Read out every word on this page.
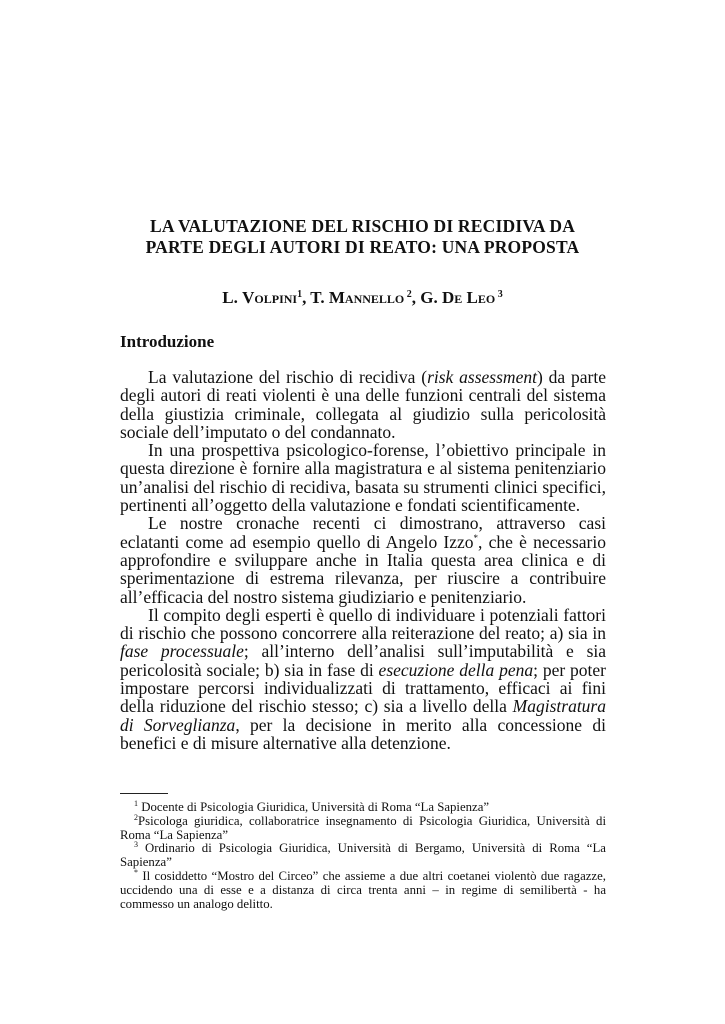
LA VALUTAZIONE DEL RISCHIO DI RECIDIVA DA
PARTE DEGLI AUTORI DI REATO: UNA PROPOSTA

L. Volpini$^1$, T. Mannello $^2$, G. De Leo $^3$

Introduzione

La valutazione del rischio di recidiva (risk assessment) da parte degli autori di reati violenti è una delle funzioni centrali del sistema della giustizia criminale, collegata al giudizio sulla pericolosità sociale dell’imputato o del condannato.

In una prospettiva psicologico-forense, l’obiettivo principale in questa direzione è fornire alla magistratura e al sistema penitenziario un’analisi del rischio di recidiva, basata su strumenti clinici specifici, pertinenti all’oggetto della valutazione e fondati scientificamente.

Le nostre cronache recenti ci dimostrano, attraverso casi eclatanti come ad esempio quello di Angelo Izzo*, che è necessario approfondire e sviluppare anche in Italia questa area clinica e di sperimentazione di estrema rilevanza, per riuscire a contribuire all’efficacia del nostro sistema giudiziario e penitenziario.

Il compito degli esperti è quello di individuare i potenziali fattori di rischio che possono concorrere alla reiterazione del reato; a) sia in fase processuale; all’interno dell’analisi sull’imputabilità e sia pericolosità sociale; b) sia in fase di esecuzione della pena; per poter impostare percorsi individualizzati di trattamento, efficaci ai fini della riduzione del rischio stesso; c) sia a livello della Magistratura di Sorveglianza, per la decisione in merito alla concessione di benefici e di misure alternative alla detenzione.

$^1$ Docente di Psicologia Giuridica, Università di Roma “La Sapienza”

$^2$Psicologa giuridica, collaboratrice insegnamento di Psicologia Giuridica, Università di Roma “La Sapienza”

$^3$ Ordinario di Psicologia Giuridica, Università di Bergamo, Università di Roma “La Sapienza”

* Il cosiddetto “Mostro del Circeo” che assieme a due altri coetanei violentò due ragazze, uccidendo una di esse e a distanza di circa trenta anni – in regime di semilibertà - ha commesso un analogo delitto.
